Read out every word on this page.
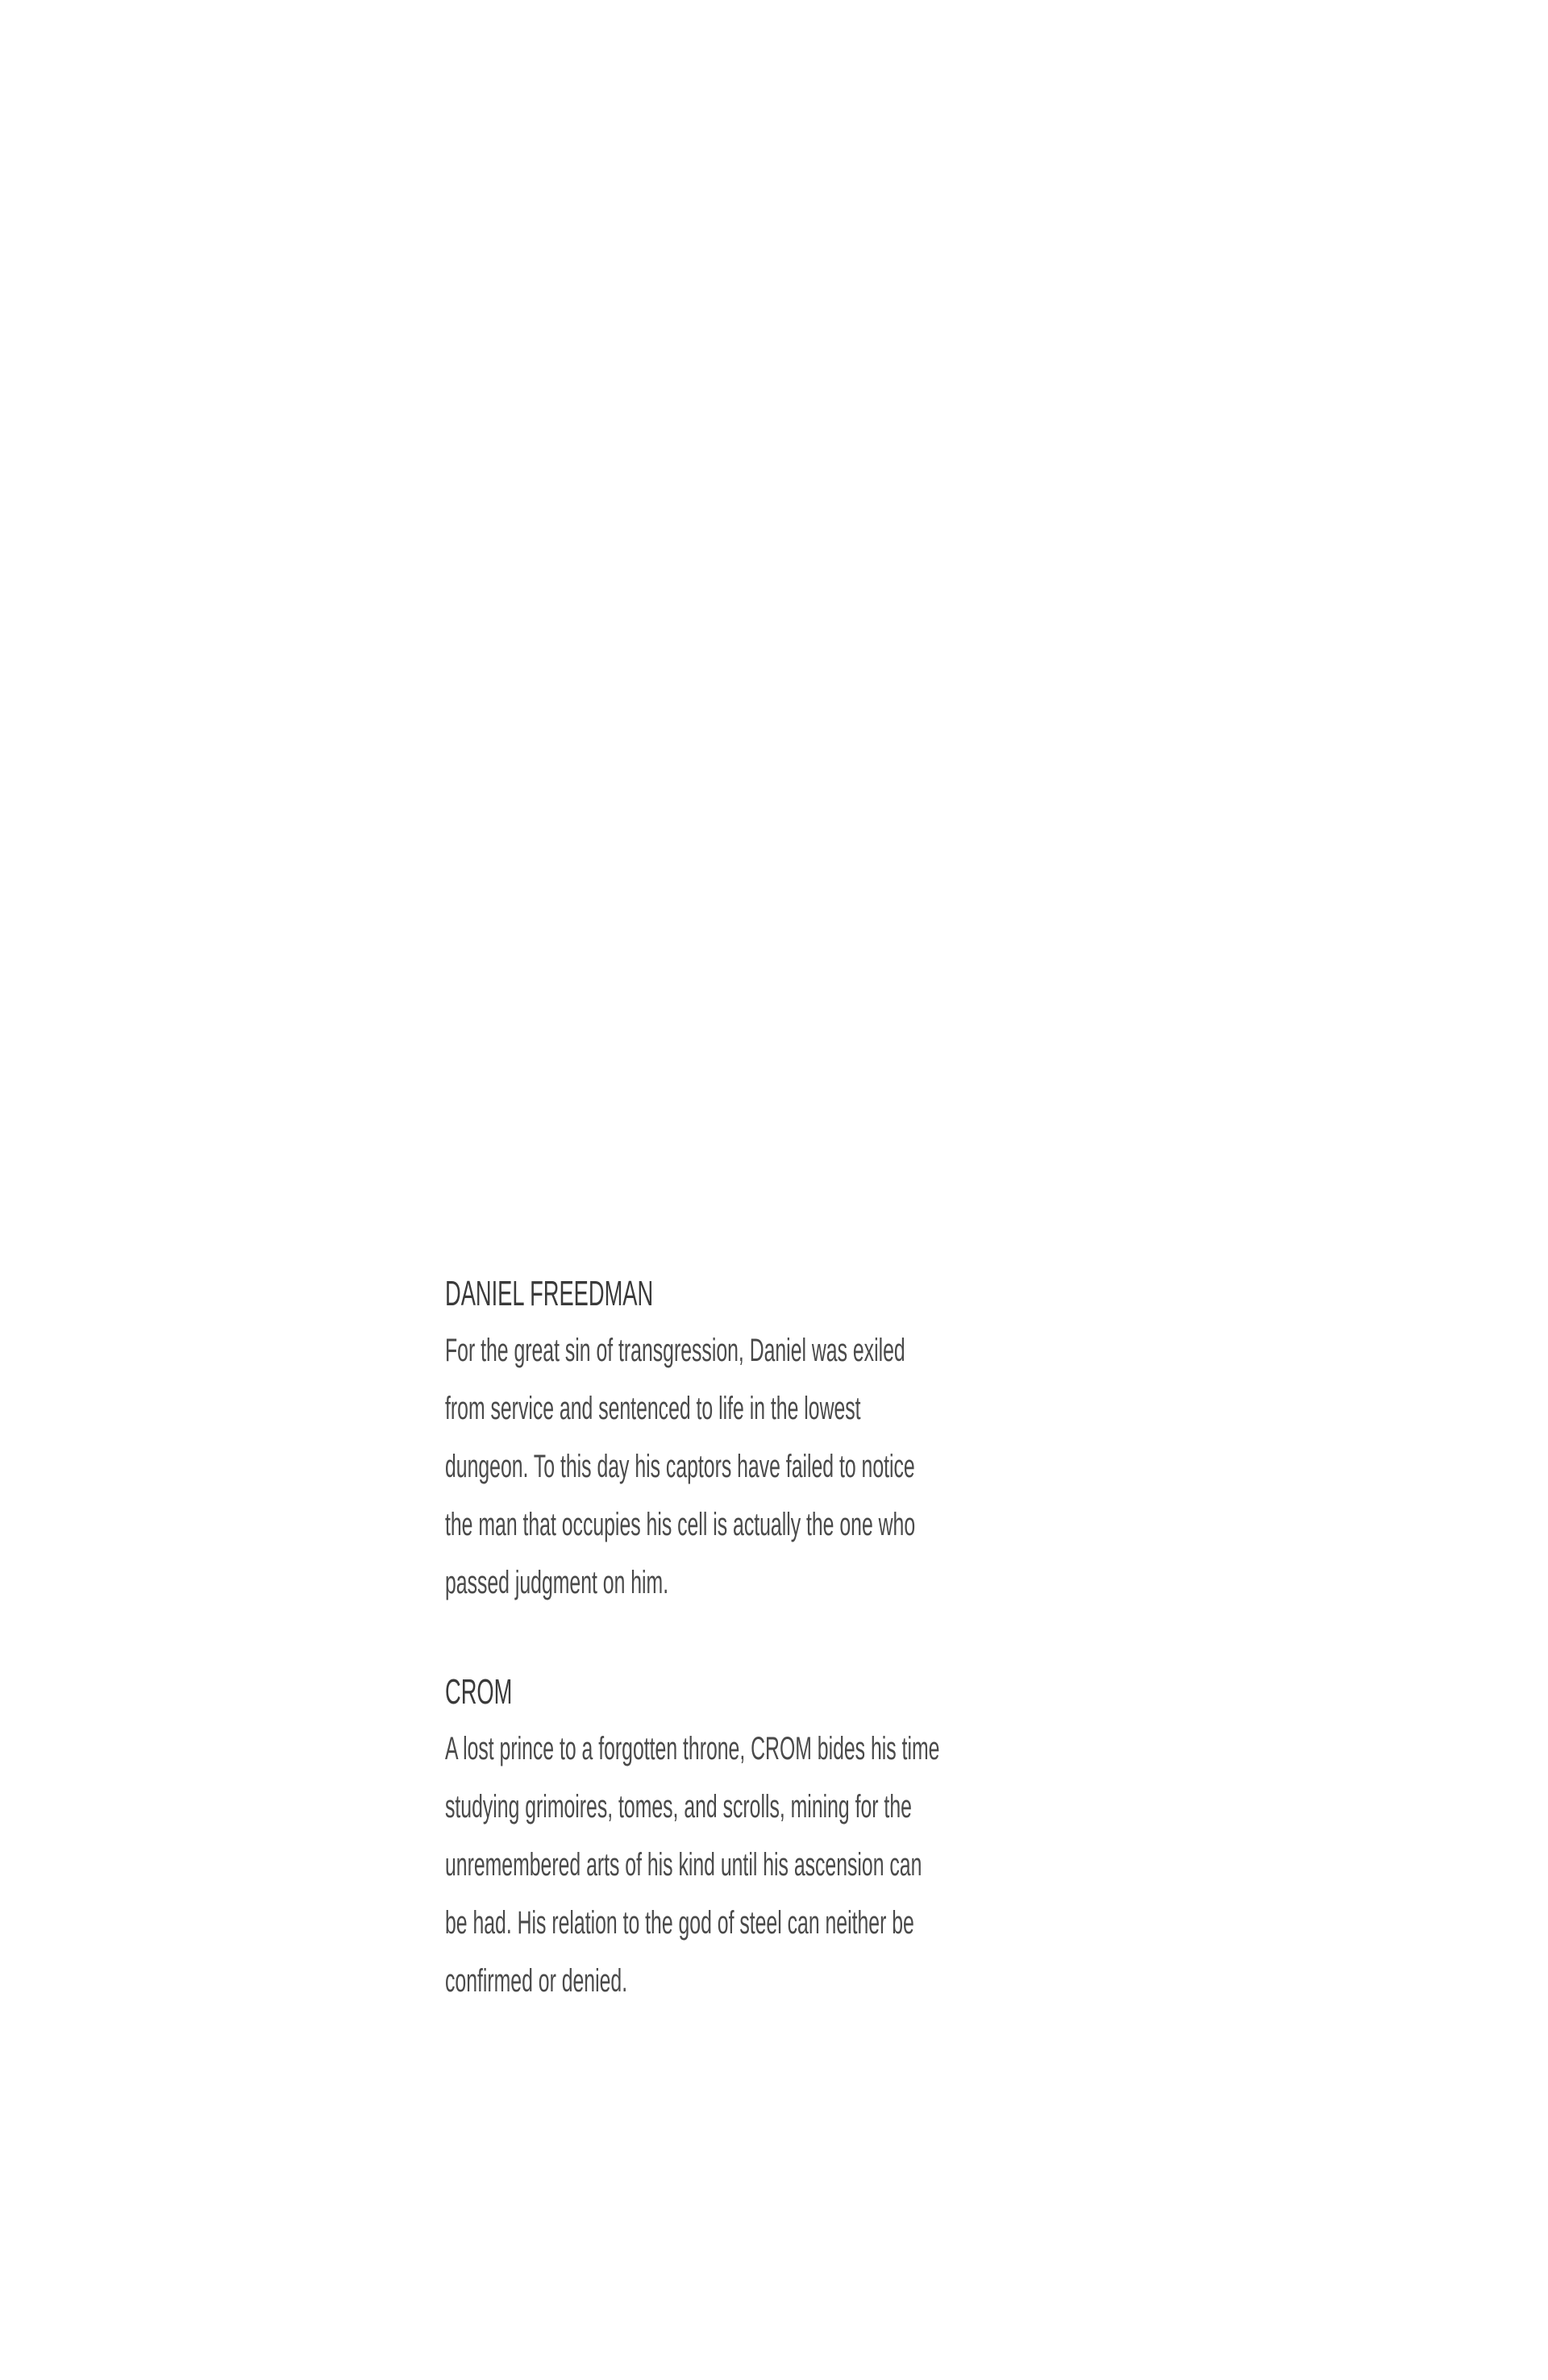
DANIEL FREEDMAN
For the great sin of transgression, Daniel was exiled
from service and sentenced to life in the lowest
dungeon. To this day his captors have failed to notice
the man that occupies his cell is actually the one who
passed judgment on him.
CROM
A lost prince to a forgotten throne, CROM bides his time
studying grimoires, tomes, and scrolls, mining for the
unremembered arts of his kind until his ascension can
be had. His relation to the god of steel can neither be
confirmed or denied.
